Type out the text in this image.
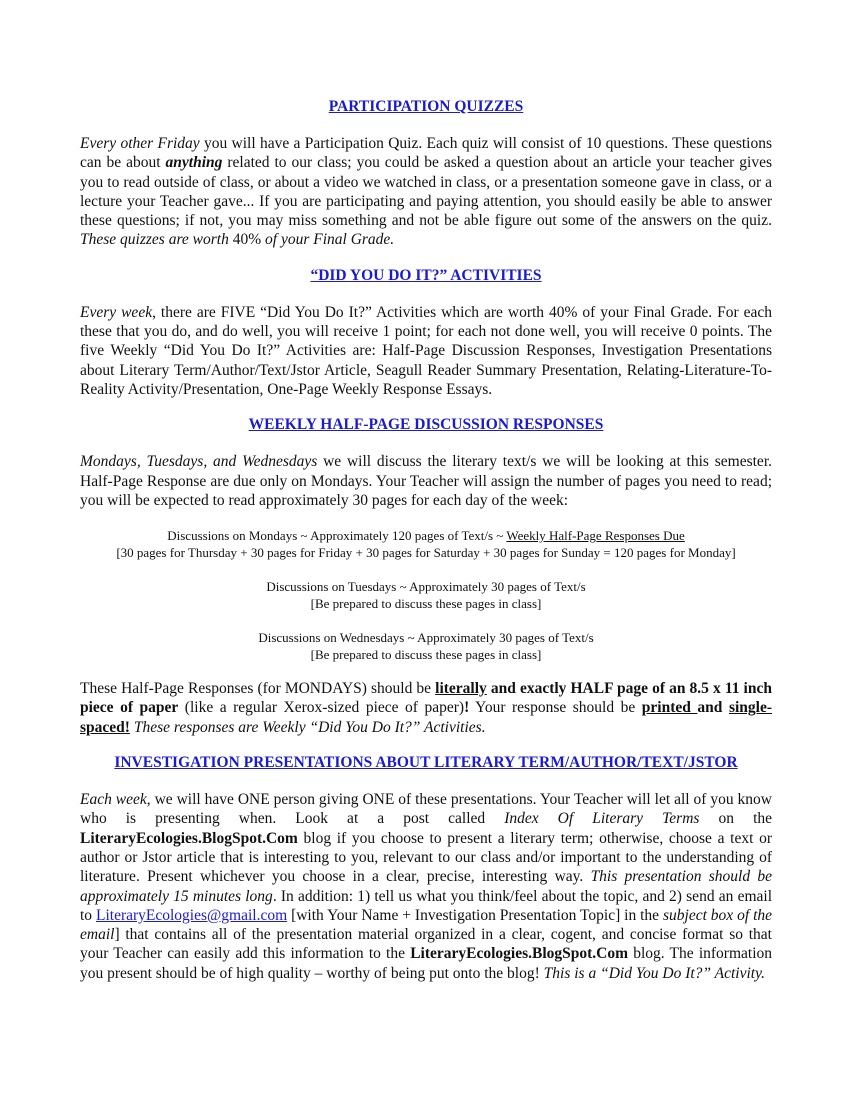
PARTICIPATION QUIZZES

Every other Friday you will have a Participation Quiz. Each quiz will consist of 10 questions. These questions can be about anything related to our class; you could be asked a question about an article your teacher gives you to read outside of class, or about a video we watched in class, or a presentation someone gave in class, or a lecture your Teacher gave... If you are participating and paying attention, you should easily be able to answer these questions; if not, you may miss something and not be able figure out some of the answers on the quiz. These quizzes are worth 40% of your Final Grade.

“DID YOU DO IT?” ACTIVITIES

Every week, there are FIVE “Did You Do It?” Activities which are worth 40% of your Final Grade. For each these that you do, and do well, you will receive 1 point; for each not done well, you will receive 0 points. The five Weekly “Did You Do It?” Activities are: Half-Page Discussion Responses, Investigation Presentations about Literary Term/Author/Text/Jstor Article, Seagull Reader Summary Presentation, Relating-Literature-To-Reality Activity/Presentation, One-Page Weekly Response Essays.

WEEKLY HALF-PAGE DISCUSSION RESPONSES

Mondays, Tuesdays, and Wednesdays we will discuss the literary text/s we will be looking at this semester. Half-Page Response are due only on Mondays. Your Teacher will assign the number of pages you need to read; you will be expected to read approximately 30 pages for each day of the week:

Discussions on Mondays ~ Approximately 120 pages of Text/s ~ Weekly Half-Page Responses Due
[30 pages for Thursday + 30 pages for Friday + 30 pages for Saturday + 30 pages for Sunday = 120 pages for Monday]

Discussions on Tuesdays ~ Approximately 30 pages of Text/s
[Be prepared to discuss these pages in class]

Discussions on Wednesdays ~ Approximately 30 pages of Text/s
[Be prepared to discuss these pages in class]

These Half-Page Responses (for MONDAYS) should be literally and exactly HALF page of an 8.5 x 11 inch piece of paper (like a regular Xerox-sized piece of paper)! Your response should be printed and single-spaced! These responses are Weekly “Did You Do It?” Activities.

INVESTIGATION PRESENTATIONS ABOUT LITERARY TERM/AUTHOR/TEXT/JSTOR

Each week, we will have ONE person giving ONE of these presentations. Your Teacher will let all of you know who is presenting when. Look at a post called Index Of Literary Terms on the LiteraryEcologies.BlogSpot.Com blog if you choose to present a literary term; otherwise, choose a text or author or Jstor article that is interesting to you, relevant to our class and/or important to the understanding of literature. Present whichever you choose in a clear, precise, interesting way. This presentation should be approximately 15 minutes long. In addition: 1) tell us what you think/feel about the topic, and 2) send an email to LiteraryEcologies@gmail.com [with Your Name + Investigation Presentation Topic] in the subject box of the email] that contains all of the presentation material organized in a clear, cogent, and concise format so that your Teacher can easily add this information to the LiteraryEcologies.BlogSpot.Com blog. The information you present should be of high quality – worthy of being put onto the blog! This is a “Did You Do It?” Activity.
